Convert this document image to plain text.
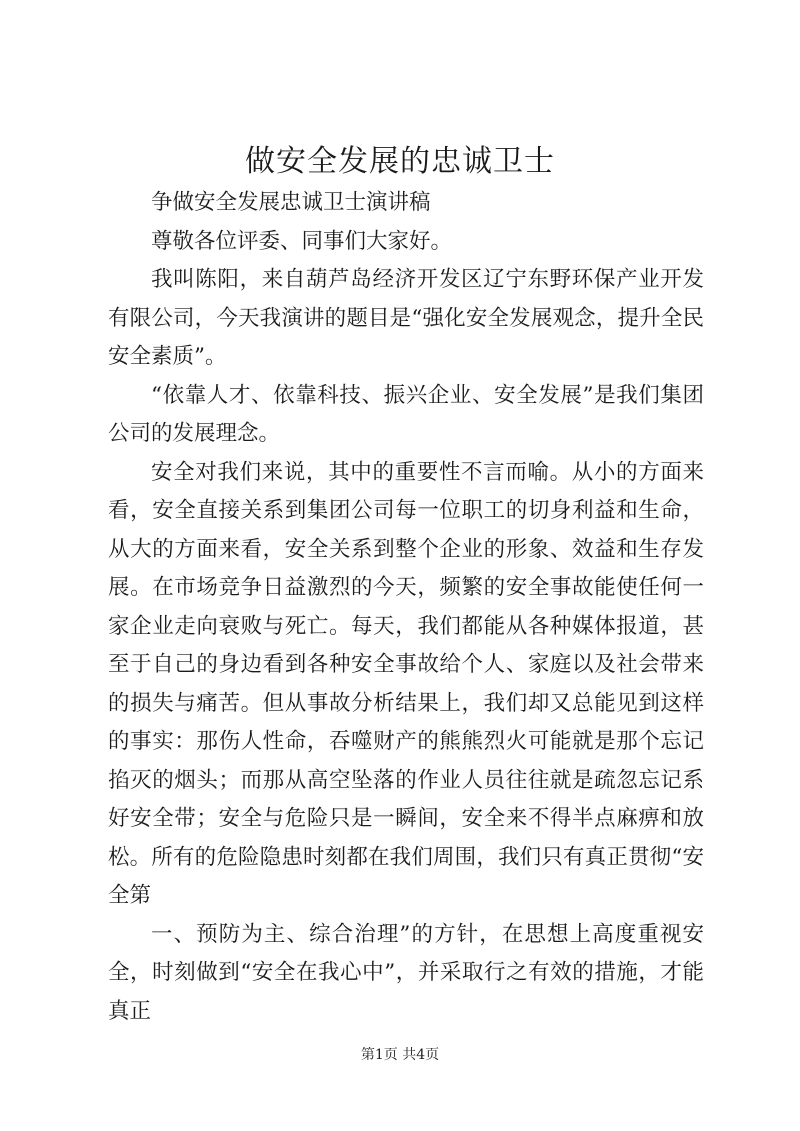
做安全发展的忠诚卫士

争做安全发展忠诚卫士演讲稿

尊敬各位评委、同事们大家好。

我叫陈阳，来自葫芦岛经济开发区辽宁东野环保产业开发有限公司，今天我演讲的题目是“强化安全发展观念，提升全民安全素质”。

“依靠人才、依靠科技、振兴企业、安全发展”是我们集团公司的发展理念。

安全对我们来说，其中的重要性不言而喻。从小的方面来看，安全直接关系到集团公司每一位职工的切身利益和生命，从大的方面来看，安全关系到整个企业的形象、效益和生存发展。在市场竞争日益激烈的今天，频繁的安全事故能使任何一家企业走向衰败与死亡。每天，我们都能从各种媒体报道，甚至于自己的身边看到各种安全事故给个人、家庭以及社会带来的损失与痛苦。但从事故分析结果上，我们却又总能见到这样的事实：那伤人性命，吞噬财产的熊熊烈火可能就是那个忘记掐灭的烟头；而那从高空坠落的作业人员往往就是疏忽忘记系好安全带；安全与危险只是一瞬间，安全来不得半点麻痹和放松。所有的危险隐患时刻都在我们周围，我们只有真正贯彻“安全第

一、预防为主、综合治理”的方针，在思想上高度重视安全，时刻做到“安全在我心中”，并采取行之有效的措施，才能真正

第1页 共4页
